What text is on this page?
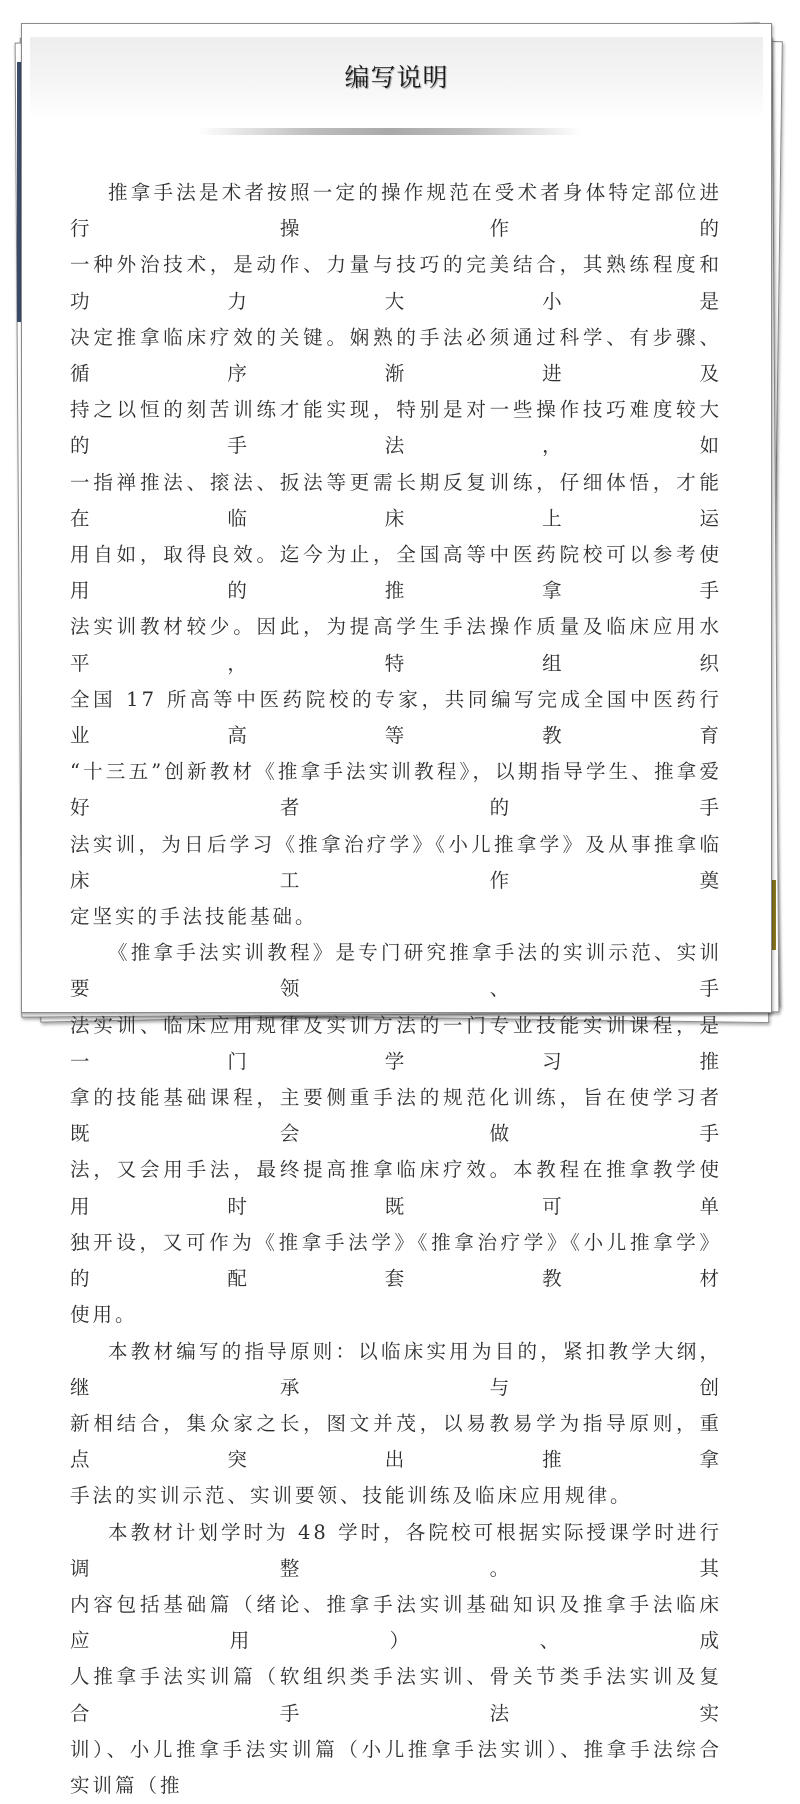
编写说明
推拿手法是术者按照一定的操作规范在受术者身体特定部位进行操作的
一种外治技术，是动作、力量与技巧的完美结合，其熟练程度和功力大小是
决定推拿临床疗效的关键。娴熟的手法必须通过科学、有步骤、循序渐进及
持之以恒的刻苦训练才能实现，特别是对一些操作技巧难度较大的手法，如
一指禅推法、㨰法、扳法等更需长期反复训练，仔细体悟，才能在临床上运
用自如，取得良效。迄今为止，全国高等中医药院校可以参考使用的推拿手
法实训教材较少。因此，为提高学生手法操作质量及临床应用水平，特组织
全国 17 所高等中医药院校的专家，共同编写完成全国中医药行业高等教育
“十三五”创新教材《推拿手法实训教程》，以期指导学生、推拿爱好者的手
法实训，为日后学习《推拿治疗学》《小儿推拿学》及从事推拿临床工作奠
定坚实的手法技能基础。
《推拿手法实训教程》是专门研究推拿手法的实训示范、实训要领、手
法实训、临床应用规律及实训方法的一门专业技能实训课程，是一门学习推
拿的技能基础课程，主要侧重手法的规范化训练，旨在使学习者既会做手
法，又会用手法，最终提高推拿临床疗效。本教程在推拿教学使用时既可单
独开设，又可作为《推拿手法学》《推拿治疗学》《小儿推拿学》的配套教材
使用。
本教材编写的指导原则：以临床实用为目的，紧扣教学大纲，继承与创
新相结合，集众家之长，图文并茂，以易教易学为指导原则，重点突出推拿
手法的实训示范、实训要领、技能训练及临床应用规律。
本教材计划学时为 48 学时，各院校可根据实际授课学时进行调整。其
内容包括基础篇（绪论、推拿手法实训基础知识及推拿手法临床应用）、成
人推拿手法实训篇（软组织类手法实训、骨关节类手法实训及复合手法实
训）、小儿推拿手法实训篇（小儿推拿手法实训）、推拿手法综合实训篇（推
